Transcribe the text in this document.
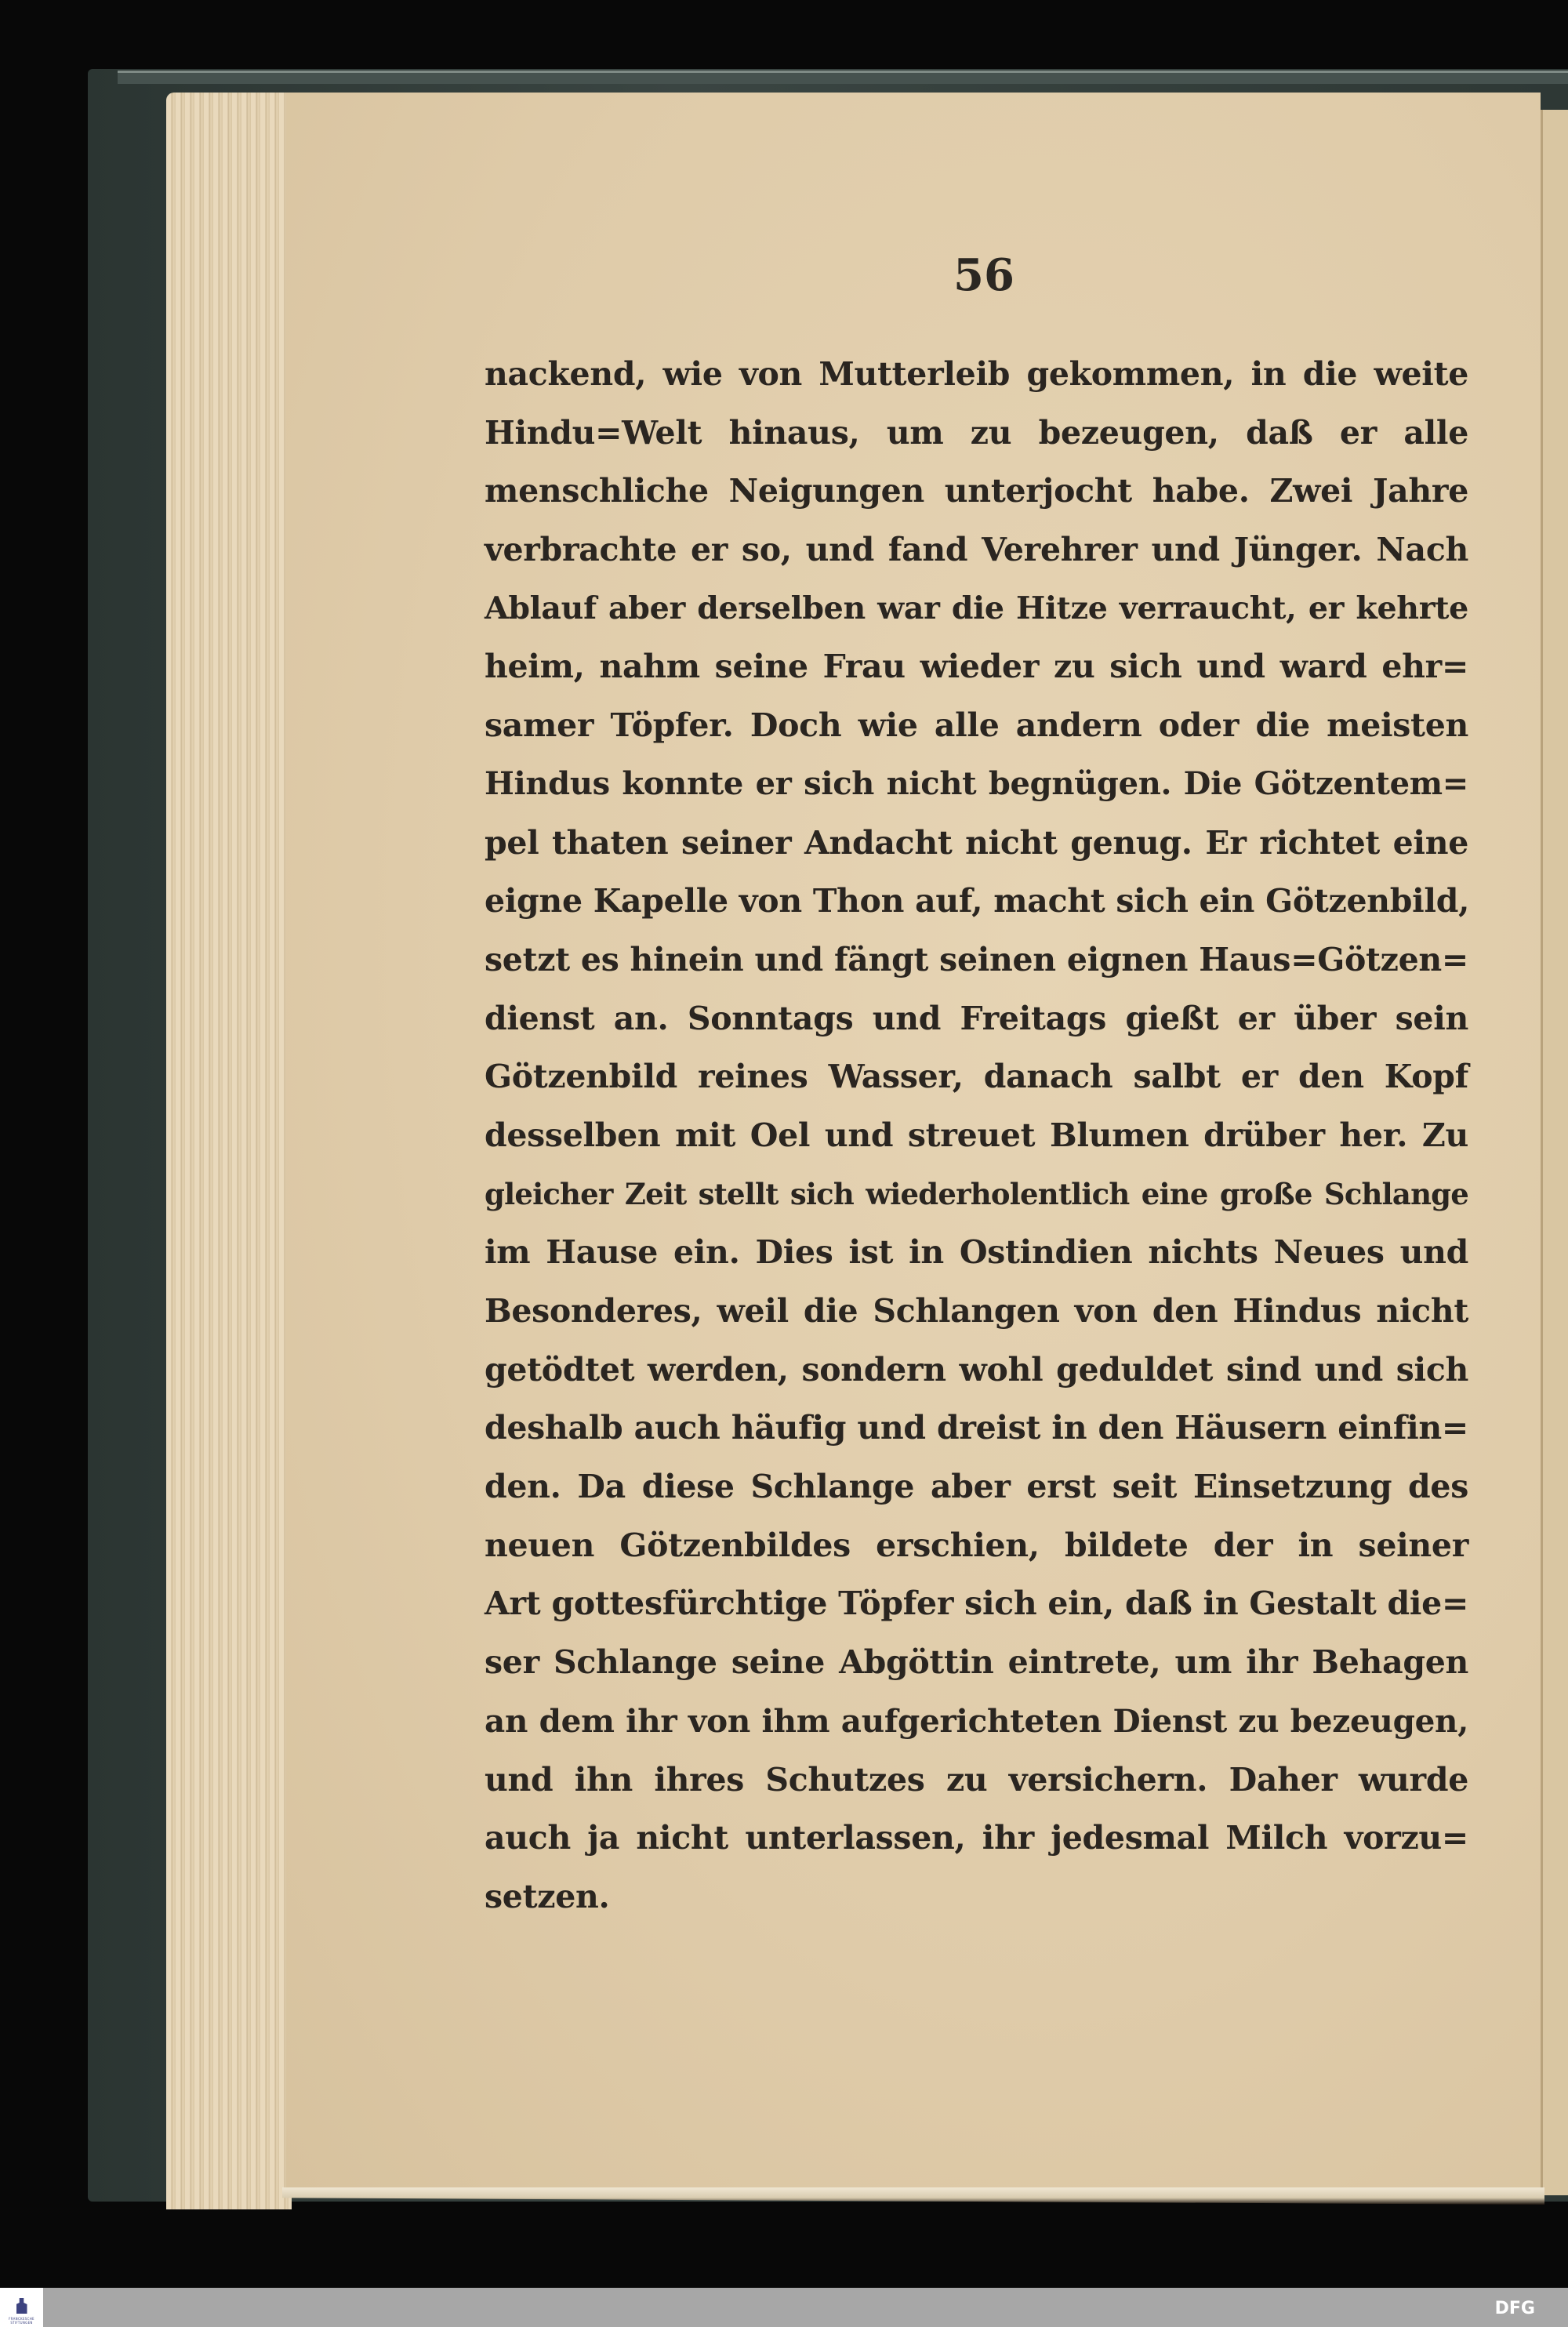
56
nackend, wie von Mutterleib gekommen, in die weite
Hindu=Welt hinaus, um zu bezeugen, daß er alle
menschliche Neigungen unterjocht habe. Zwei Jahre
verbrachte er so, und fand Verehrer und Jünger. Nach
Ablauf aber derselben war die Hitze verraucht, er kehrte
heim, nahm seine Frau wieder zu sich und ward ehr=
samer Töpfer. Doch wie alle andern oder die meisten
Hindus konnte er sich nicht begnügen. Die Götzentem=
pel thaten seiner Andacht nicht genug. Er richtet eine
eigne Kapelle von Thon auf, macht sich ein Götzenbild,
setzt es hinein und fängt seinen eignen Haus=Götzen=
dienst an. Sonntags und Freitags gießt er über sein
Götzenbild reines Wasser, danach salbt er den Kopf
desselben mit Oel und streuet Blumen drüber her. Zu
gleicher Zeit stellt sich wiederholentlich eine große Schlange
im Hause ein. Dies ist in Ostindien nichts Neues und
Besonderes, weil die Schlangen von den Hindus nicht
getödtet werden, sondern wohl geduldet sind und sich
deshalb auch häufig und dreist in den Häusern einfin=
den. Da diese Schlange aber erst seit Einsetzung des
neuen Götzenbildes erschien, bildete der in seiner
Art gottesfürchtige Töpfer sich ein, daß in Gestalt die=
ser Schlange seine Abgöttin eintrete, um ihr Behagen
an dem ihr von ihm aufgerichteten Dienst zu bezeugen,
und ihn ihres Schutzes zu versichern. Daher wurde
auch ja nicht unterlassen, ihr jedesmal Milch vorzu=
setzen.
FRANCKESCHE STIFTUNGEN
DFG
